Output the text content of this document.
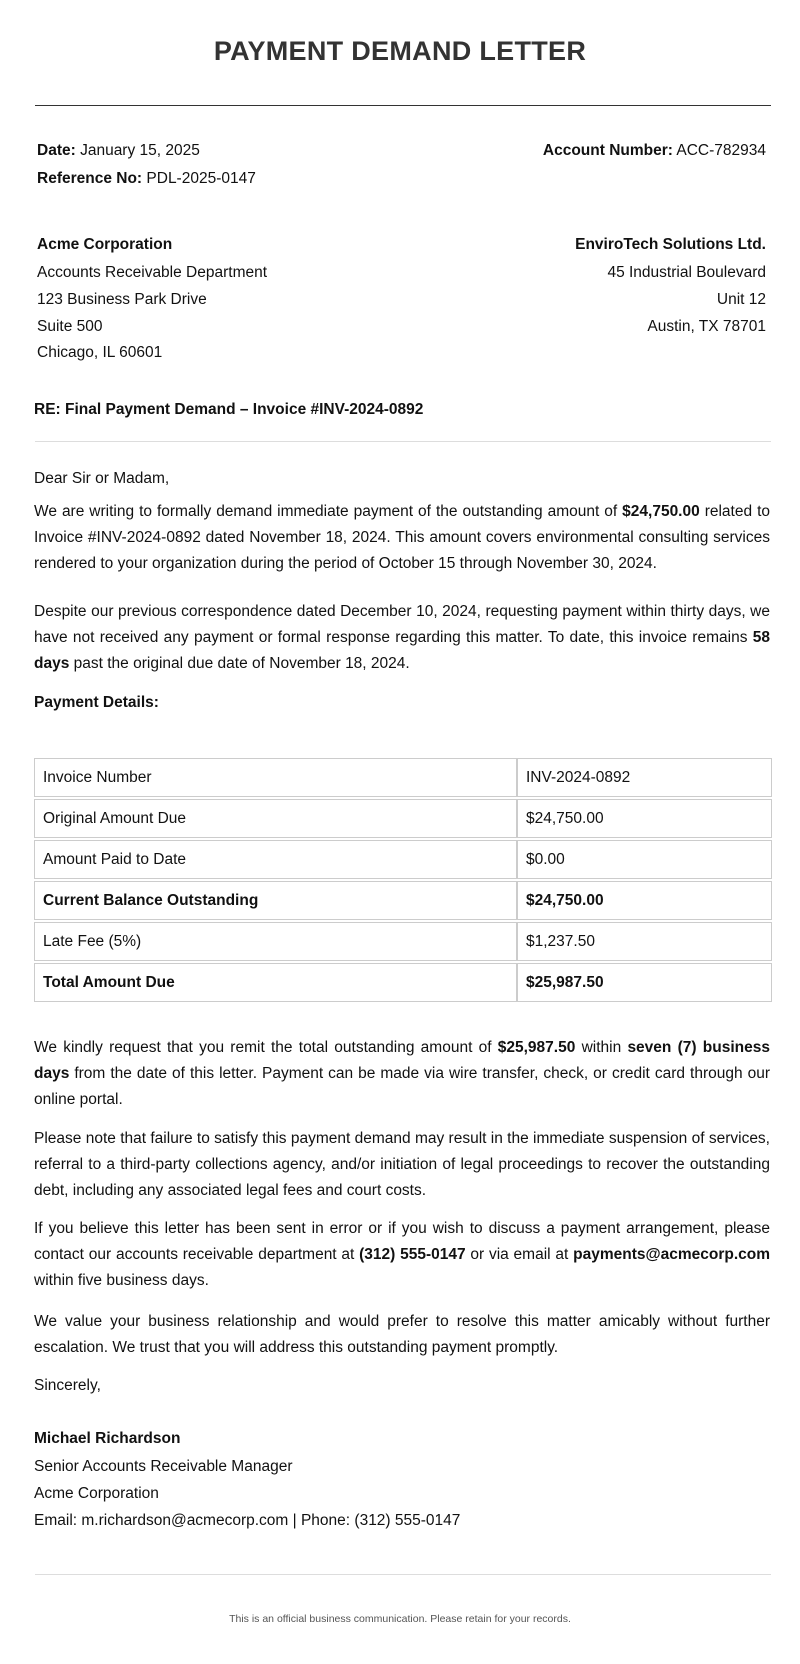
PAYMENT DEMAND LETTER
Date: January 15, 2025
Reference No: PDL-2025-0147
Account Number: ACC-782934
Acme Corporation
Accounts Receivable Department
123 Business Park Drive
Suite 500
Chicago, IL 60601
EnviroTech Solutions Ltd.
45 Industrial Boulevard
Unit 12
Austin, TX 78701
RE: Final Payment Demand – Invoice #INV-2024-0892
Dear Sir or Madam,

We are writing to formally demand immediate payment of the outstanding amount of $24,750.00 related to Invoice #INV-2024-0892 dated November 18, 2024. This amount covers environmental consulting services rendered to your organization during the period of October 15 through November 30, 2024.

Despite our previous correspondence dated December 10, 2024, requesting payment within thirty days, we have not received any payment or formal response regarding this matter. To date, this invoice remains 58 days past the original due date of November 18, 2024.

Payment Details:
Invoice Number	INV-2024-0892
Original Amount Due	$24,750.00
Amount Paid to Date	$0.00
Current Balance Outstanding	$24,750.00
Late Fee (5%)	$1,237.50
Total Amount Due	$25,987.50

We kindly request that you remit the total outstanding amount of $25,987.50 within seven (7) business days from the date of this letter. Payment can be made via wire transfer, check, or credit card through our online portal.

Please note that failure to satisfy this payment demand may result in the immediate suspension of services, referral to a third-party collections agency, and/or initiation of legal proceedings to recover the outstanding debt, including any associated legal fees and court costs.

If you believe this letter has been sent in error or if you wish to discuss a payment arrangement, please contact our accounts receivable department at (312) 555-0147 or via email at payments@acmecorp.com within five business days.

We value your business relationship and would prefer to resolve this matter amicably without further escalation. We trust that you will address this outstanding payment promptly.

Sincerely,
Michael Richardson
Senior Accounts Receivable Manager
Acme Corporation
Email: m.richardson@acmecorp.com | Phone: (312) 555-0147
This is an official business communication. Please retain for your records.
